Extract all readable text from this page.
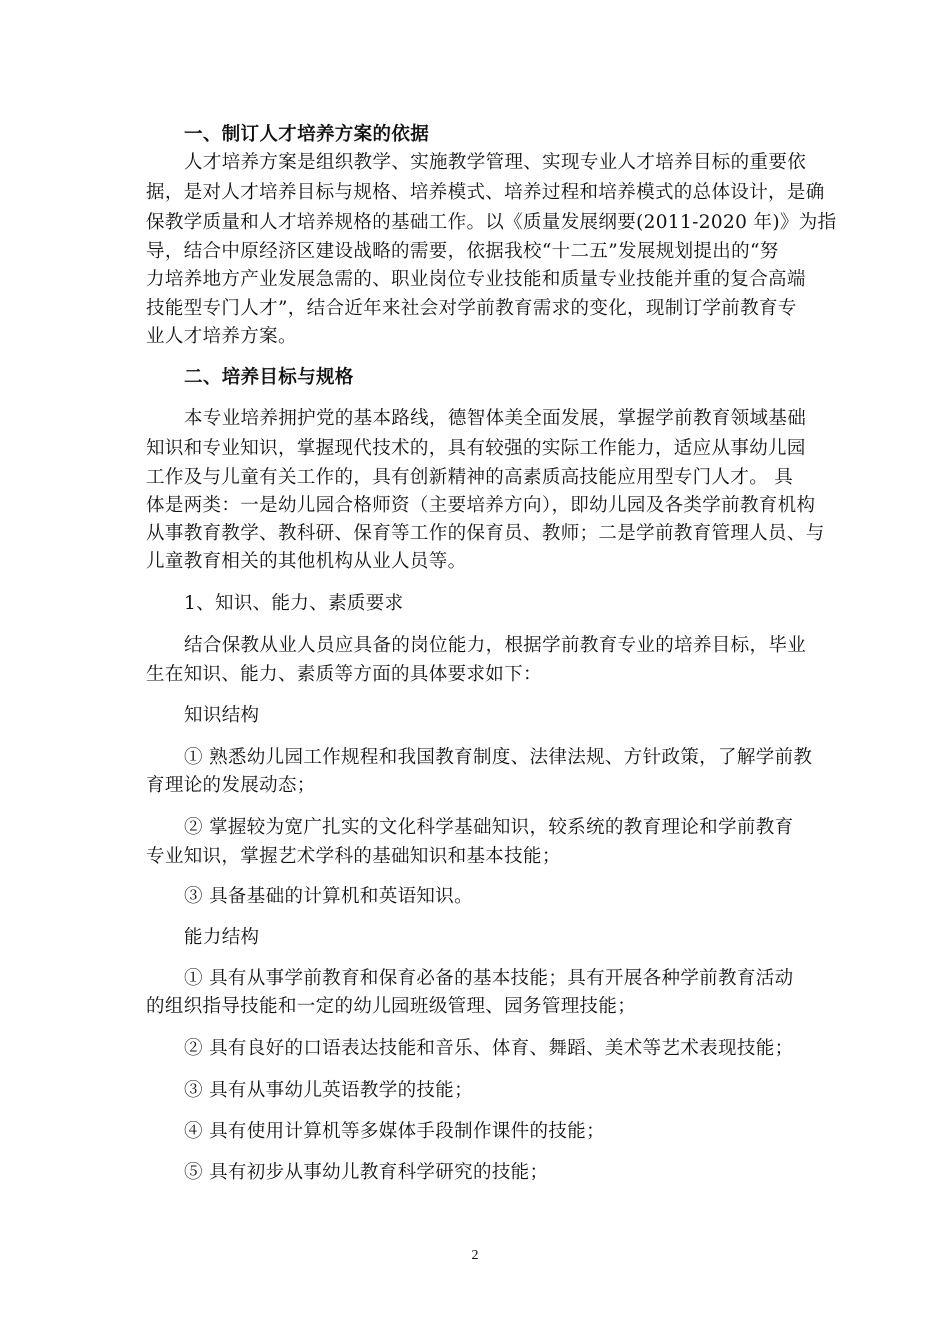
一、制订人才培养方案的依据
人才培养方案是组织教学、实施教学管理、实现专业人才培养目标的重要依
据，是对人才培养目标与规格、培养模式、培养过程和培养模式的总体设计，是确
保教学质量和人才培养规格的基础工作。以《质量发展纲要(2011-2020 年)》为指
导，结合中原经济区建设战略的需要，依据我校“十二五”发展规划提出的“努
力培养地方产业发展急需的、职业岗位专业技能和质量专业技能并重的复合高端
技能型专门人才”，结合近年来社会对学前教育需求的变化，现制订学前教育专
业人才培养方案。
二、培养目标与规格
本专业培养拥护党的基本路线，德智体美全面发展，掌握学前教育领域基础
知识和专业知识，掌握现代技术的，具有较强的实际工作能力，适应从事幼儿园
工作及与儿童有关工作的，具有创新精神的高素质高技能应用型专门人才。 具
体是两类：一是幼儿园合格师资（主要培养方向），即幼儿园及各类学前教育机构
从事教育教学、教科研、保育等工作的保育员、教师；二是学前教育管理人员、与
儿童教育相关的其他机构从业人员等。
1、知识、能力、素质要求
结合保教从业人员应具备的岗位能力，根据学前教育专业的培养目标，毕业
生在知识、能力、素质等方面的具体要求如下：
知识结构
① 熟悉幼儿园工作规程和我国教育制度、法律法规、方针政策，了解学前教
育理论的发展动态；
② 掌握较为宽广扎实的文化科学基础知识，较系统的教育理论和学前教育
专业知识，掌握艺术学科的基础知识和基本技能；
③ 具备基础的计算机和英语知识。
能力结构
① 具有从事学前教育和保育必备的基本技能；具有开展各种学前教育活动
的组织指导技能和一定的幼儿园班级管理、园务管理技能；
② 具有良好的口语表达技能和音乐、体育、舞蹈、美术等艺术表现技能；
③ 具有从事幼儿英语教学的技能；
④ 具有使用计算机等多媒体手段制作课件的技能；
⑤ 具有初步从事幼儿教育科学研究的技能；
2
